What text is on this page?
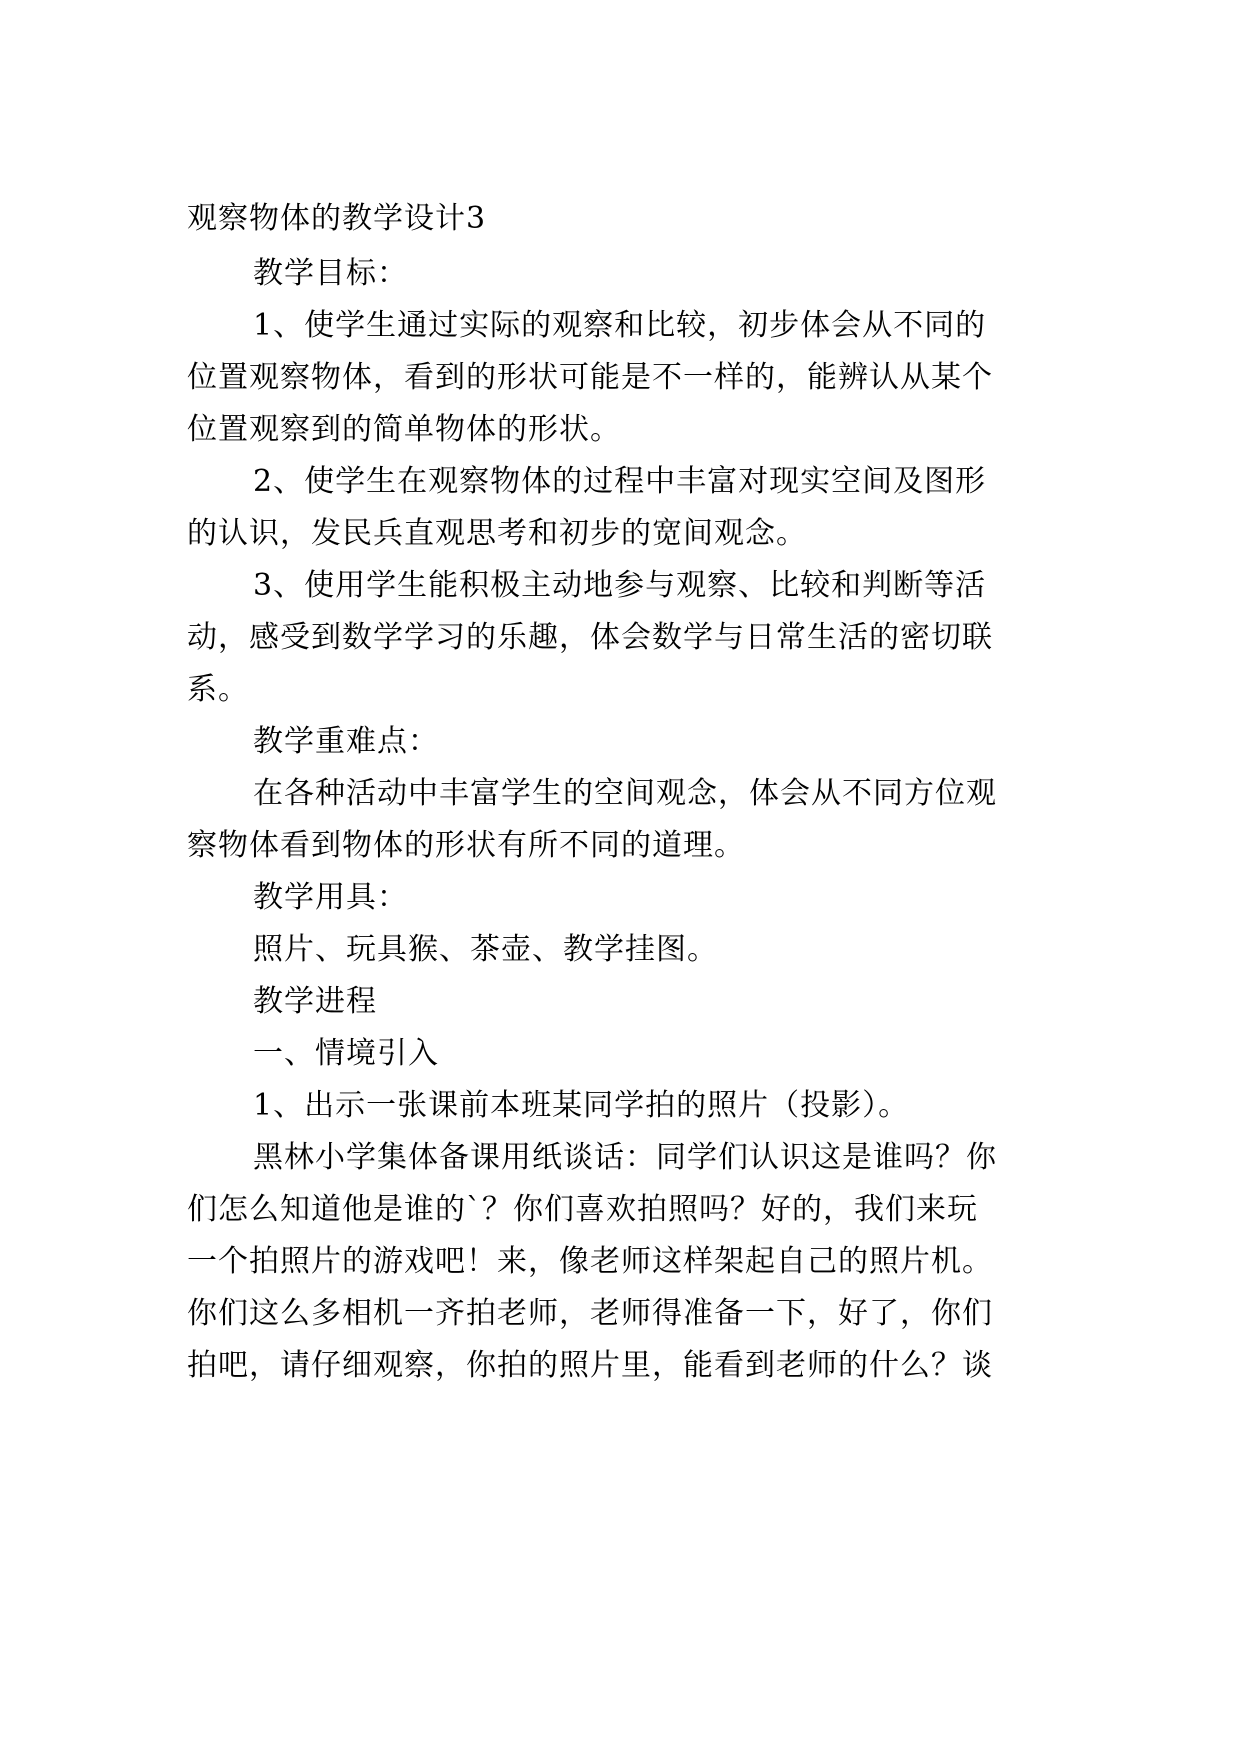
观察物体的教学设计3
教学目标：
1、使学生通过实际的观察和比较，初步体会从不同的
位置观察物体，看到的形状可能是不一样的，能辨认从某个
位置观察到的简单物体的形状。
2、使学生在观察物体的过程中丰富对现实空间及图形
的认识，发民兵直观思考和初步的宽间观念。
3、使用学生能积极主动地参与观察、比较和判断等活
动，感受到数学学习的乐趣，体会数学与日常生活的密切联
系。
教学重难点：
在各种活动中丰富学生的空间观念，体会从不同方位观
察物体看到物体的形状有所不同的道理。
教学用具：
照片、玩具猴、茶壶、教学挂图。
教学进程
一、情境引入
1、出示一张课前本班某同学拍的照片（投影）。
黑林小学集体备课用纸谈话：同学们认识这是谁吗？你
们怎么知道他是谁的`？你们喜欢拍照吗？好的，我们来玩
一个拍照片的游戏吧！来，像老师这样架起自己的照片机。
你们这么多相机一齐拍老师，老师得准备一下，好了，你们
拍吧，请仔细观察，你拍的照片里，能看到老师的什么？谈
